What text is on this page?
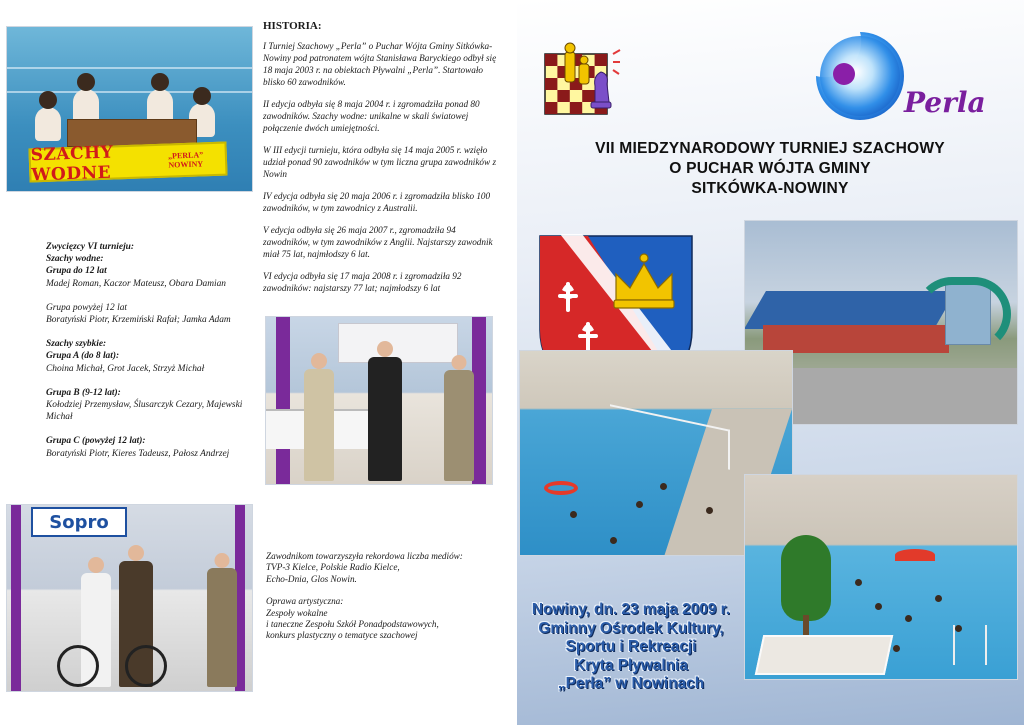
SZACHY WODNE
„PERLA” NOWINY
Zwycięzcy VI turnieju:
Szachy wodne:
Grupa do 12 lat
Madej Roman, Kaczor Mateusz, Obara Damian
Grupa powyżej 12 lat
Boratyński Piotr, Krzemiński Rafał; Jamka Adam
Szachy szybkie:
Grupa A (do 8 lat):
Choina Michał, Grot Jacek, Strzyż Michał
Grupa B (9-12 lat):
Kołodziej Przemysław, Ślusarczyk Cezary, Majewski Michał
Grupa C (powyżej 12 lat):
Boratyński Piotr, Kieres Tadeusz, Pałosz Andrzej
HISTORIA:

I Turniej Szachowy „Perla” o Puchar Wójta Gminy Sitkówka-Nowiny pod patronatem wójta Stanisława Baryckiego odbył się 18 maja 2003 r. na obiektach Pływalni „Perla”. Startowało blisko 60 zawodników.

II edycja odbyła się 8 maja 2004 r. i zgromadziła ponad 80 zawodników. Szachy wodne: unikalne w skali światowej połączenie dwóch umiejętności.

W III edycji turnieju, która odbyła się 14 maja 2005 r. wzięło udział ponad 90 zawodników w tym liczna grupa zawodników z Nowin

IV edycja odbyła się 20 maja 2006 r. i zgromadziła blisko 100 zawodników, w tym zawodnicy z Australii.

V edycja odbyła się 26 maja 2007 r., zgromadziła 94 zawodników, w tym zawodników z Anglii. Najstarszy zawodnik miał 75 lat, najmłodszy 6 lat.

VI edycja odbyła się 17 maja 2008 r. i zgromadziła 92 zawodników: najstarszy 77 lat; najmłodszy 6 lat

Sopro
Zawodnikom towarzyszyła rekordowa liczba mediów:
TVP-3 Kielce, Polskie Radio Kielce,
Echo-Dnia, Glos Nowin.
Oprawa artystyczna:
Zespoły wokalne
i taneczne Zespołu Szkół Ponadpodstawowych,
konkurs plastyczny o tematyce szachowej
Perla
VII MIEDZYNARODOWY TURNIEJ SZACHOWY
O PUCHAR WÓJTA GMINY
SITKÓWKA-NOWINY
Nowiny, dn. 23 maja 2009 r.
Gminny Ośrodek Kultury,
Sportu i Rekreacji
Kryta Pływalnia
„Perła” w Nowinach
